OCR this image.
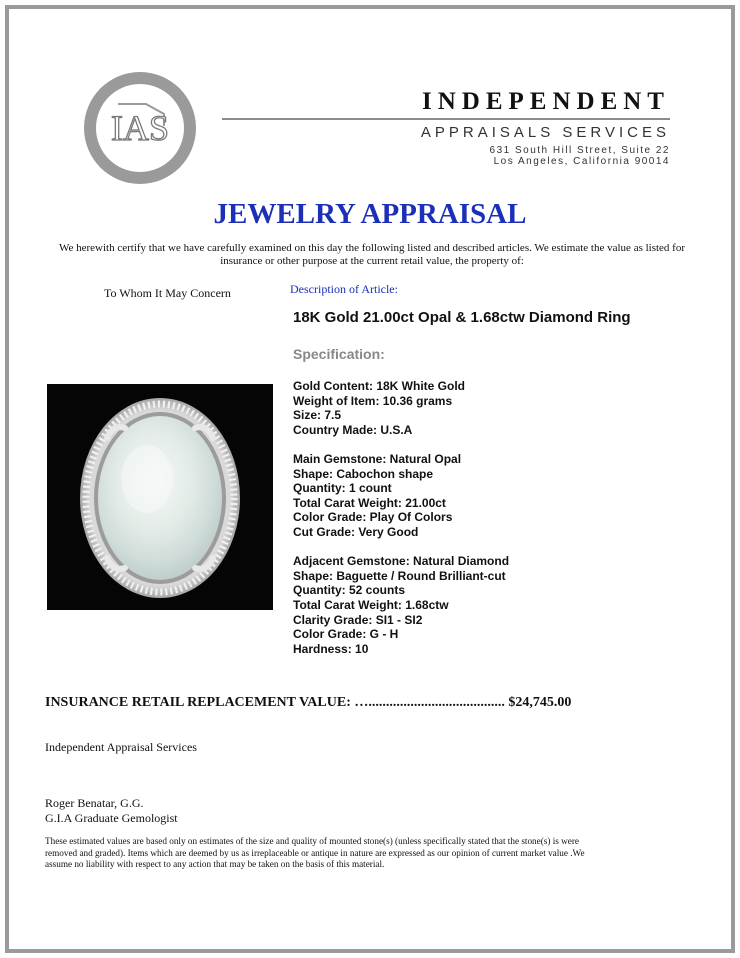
IAS
Appraisal
INDEPENDENT
APPRAISALS SERVICES
631 South Hill Street, Suite 22
Los Angeles, California 90014
JEWELRY APPRAISAL
We herewith certify that we have carefully examined on this day the following listed and described articles. We estimate the value as listed for insurance or other purpose at the current retail value, the property of:
To Whom It May Concern	Description of Article:
18K Gold 21.00ct Opal & 1.68ctw Diamond Ring
Specification:
Gold Content: 18K White Gold
Weight of Item: 10.36 grams
Size: 7.5
Country Made: U.S.A
Main Gemstone: Natural Opal
Shape: Cabochon shape
Quantity: 1 count
Total Carat Weight: 21.00ct
Color Grade: Play Of Colors
Cut Grade: Very Good
Adjacent Gemstone: Natural Diamond
Shape: Baguette / Round Brilliant-cut
Quantity: 52 counts
Total Carat Weight: 1.68ctw
Clarity Grade: SI1 - SI2
Color Grade: G - H
Hardness: 10
INSURANCE RETAIL REPLACEMENT VALUE: …....................................... $24,745.00
Independent Appraisal Services
Roger Benatar, G.G.
G.I.A Graduate Gemologist
These estimated values are based only on estimates of the size and quality of mounted stone(s) (unless specifically stated that the stone(s) is were removed and graded). Items which are deemed by us as irreplaceable or antique in nature are expressed as our opinion of current market value .We assume no liability with respect to any action that may be taken on the basis of this material.
